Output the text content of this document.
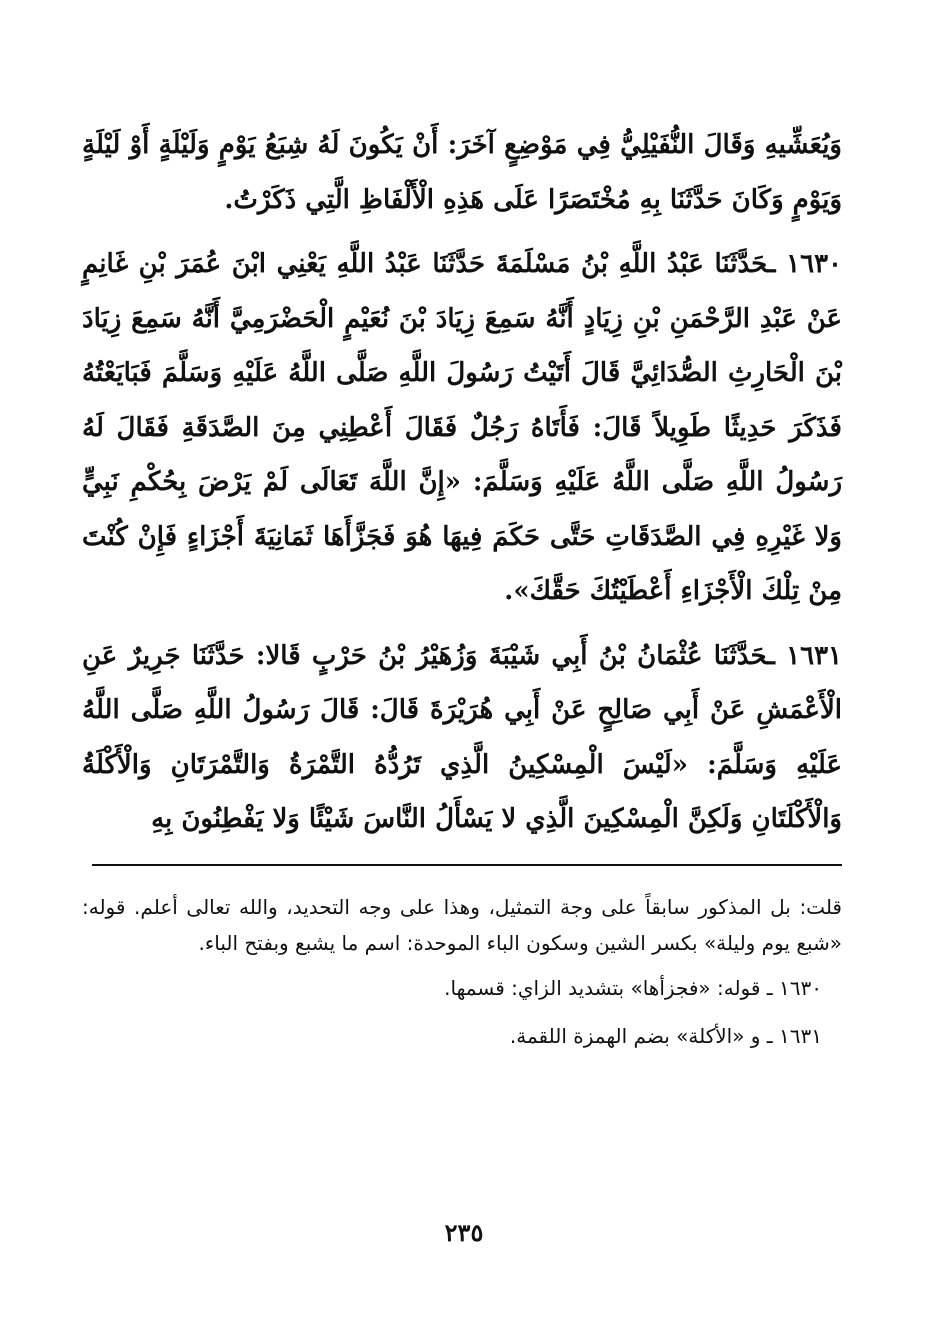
وَيُعَشِّيهِ وَقَالَ النُّفَيْلِيُّ فِي مَوْضِعٍ آخَرَ: أَنْ يَكُونَ لَهُ شِبَعُ يَوْمٍ وَلَيْلَةٍ أَوْ لَيْلَةٍ وَيَوْمٍ وَكَانَ حَدَّثَنَا بِهِ مُخْتَصَرًا عَلَى هَذِهِ الْأَلْفَاظِ الَّتِي ذَكَرْتُ.

١٦٣٠ ـحَدَّثَنَا عَبْدُ اللَّهِ بْنُ مَسْلَمَةَ حَدَّثَنَا عَبْدُ اللَّهِ يَعْنِي ابْنَ عُمَرَ بْنِ غَانِمٍ عَنْ عَبْدِ الرَّحْمَنِ بْنِ زِيَادٍ أَنَّهُ سَمِعَ زِيَادَ بْنَ نُعَيْمٍ الْحَضْرَمِيَّ أَنَّهُ سَمِعَ زِيَادَ بْنَ الْحَارِثِ الصُّدَائِيَّ قَالَ أَتَيْتُ رَسُولَ اللَّهِ صَلَّى اللَّهُ عَلَيْهِ وَسَلَّمَ فَبَايَعْتُهُ فَذَكَرَ حَدِيثًا طَوِيلاً قَالَ: فَأَتَاهُ رَجُلٌ فَقَالَ أَعْطِنِي مِنَ الصَّدَقَةِ فَقَالَ لَهُ رَسُولُ اللَّهِ صَلَّى اللَّهُ عَلَيْهِ وَسَلَّمَ: «إِنَّ اللَّهَ تَعَالَى لَمْ يَرْضَ بِحُكْمِ نَبِيٍّ وَلا غَيْرِهِ فِي الصَّدَقَاتِ حَتَّى حَكَمَ فِيهَا هُوَ فَجَزَّأَهَا ثَمَانِيَةَ أَجْزَاءٍ فَإِنْ كُنْتَ مِنْ تِلْكَ الْأَجْزَاءِ أَعْطَيْتُكَ حَقَّكَ».

١٦٣١ ـحَدَّثَنَا عُثْمَانُ بْنُ أَبِي شَيْبَةَ وَزُهَيْرُ بْنُ حَرْبٍ قَالا: حَدَّثَنَا جَرِيرٌ عَنِ الْأَعْمَشِ عَنْ أَبِي صَالِحٍ عَنْ أَبِي هُرَيْرَةَ قَالَ: قَالَ رَسُولُ اللَّهِ صَلَّى اللَّهُ عَلَيْهِ وَسَلَّمَ: «لَيْسَ الْمِسْكِينُ الَّذِي تَرُدُّهُ التَّمْرَةُ وَالتَّمْرَتَانِ وَالْأَكْلَةُ وَالْأَكْلَتَانِ وَلَكِنَّ الْمِسْكِينَ الَّذِي لا يَسْأَلُ النَّاسَ شَيْئًا وَلا يَفْطِنُونَ بِهِ

قلت: بل المذكور سابقاً على وجة التمثيل، وهذا على وجه التحديد، والله تعالى أعلم. قوله: «شبع يوم وليلة» بكسر الشين وسكون الباء الموحدة: اسم ما يشبع وبفتح الباء.

١٦٣٠ ـ قوله: «فجزأها» بتشديد الزاي: قسمها.

١٦٣١ ـ و «الأكلة» بضم الهمزة اللقمة.

٢٣٥
